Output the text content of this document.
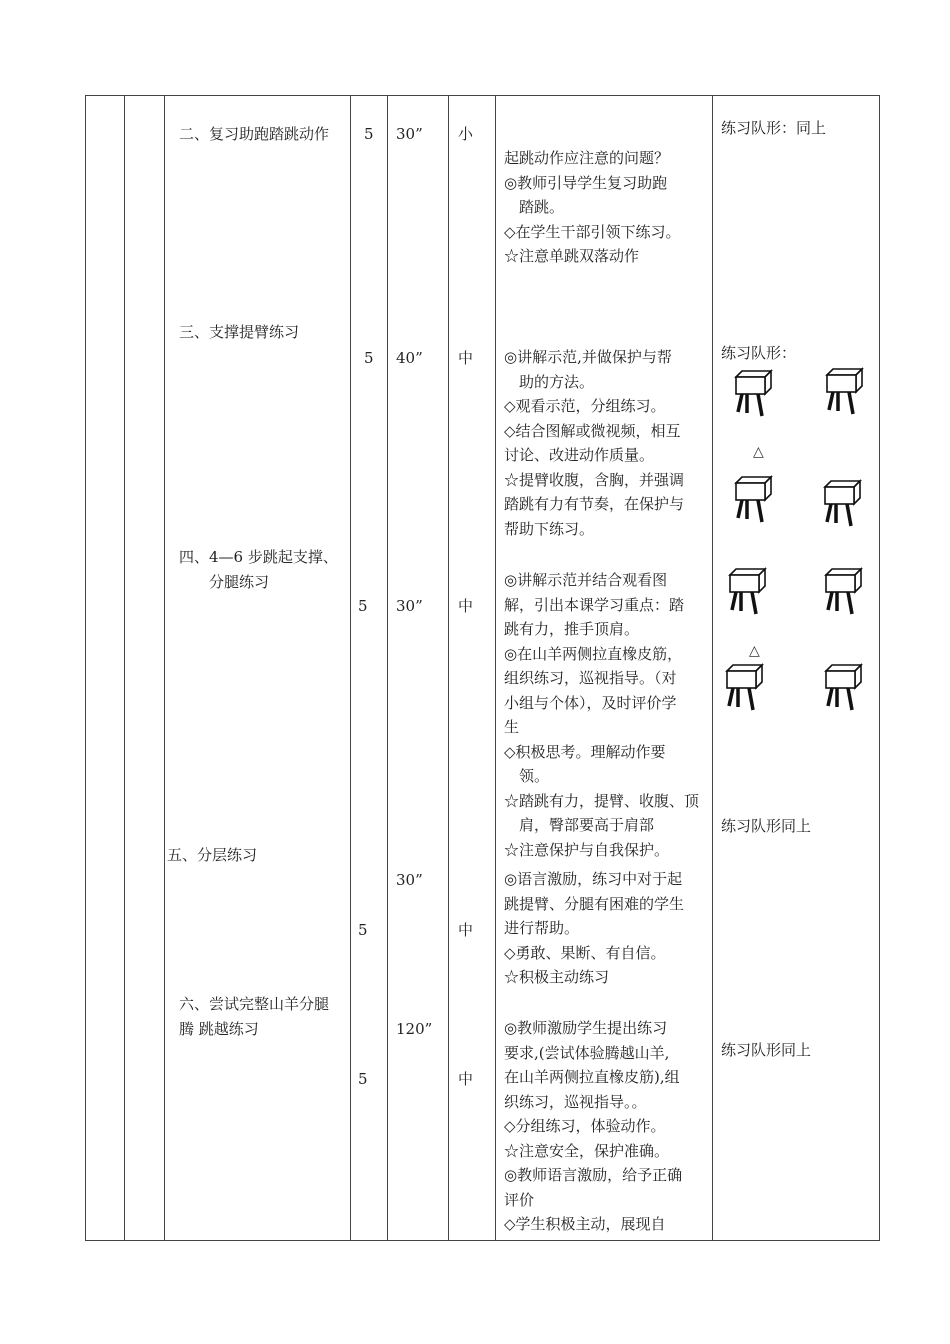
二、复习助跑踏跳动作 5 30” 小
起跳动作应注意的问题？
◎教师引导学生复习助跑
　踏跳。
◇在学生干部引领下练习。
☆注意单跳双落动作
练习队形：同上
三、支撑提臂练习
5 40” 中 ◎讲解示范,并做保护与帮
　助的方法。
◇观看示范，分组练习。
◇结合图解或微视频，相互
讨论、改进动作质量。
☆提臂收腹，含胸，并强调
踏跳有力有节奏，在保护与
帮助下练习。
练习队形：
四、4—6 步跳起支撑、
　　分腿练习
5 30” 中
◎讲解示范并结合观看图
解，引出本课学习重点：踏
跳有力，推手顶肩。
◎在山羊两侧拉直橡皮筋，
组织练习，巡视指导。（对
小组与个体），及时评价学
生
◇积极思考。理解动作要
　领。
☆踏跳有力，提臂、收腹、顶
　肩，臀部要高于肩部
☆注意保护与自我保护。
练习队形同上
五、分层练习
5
30”
中
◎语言激励，练习中对于起
跳提臂、分腿有困难的学生
进行帮助。
◇勇敢、果断、有自信。
☆积极主动练习
六、尝试完整山羊分腿
腾 跳越练习
5
120”
中
◎教师激励学生提出练习
要求,(尝试体验腾越山羊,
在山羊两侧拉直橡皮筋),组
织练习，巡视指导。。
◇分组练习，体验动作。
☆注意安全，保护准确。
◎教师语言激励，给予正确
评价
◇学生积极主动，展现自
练习队形同上
△
△
